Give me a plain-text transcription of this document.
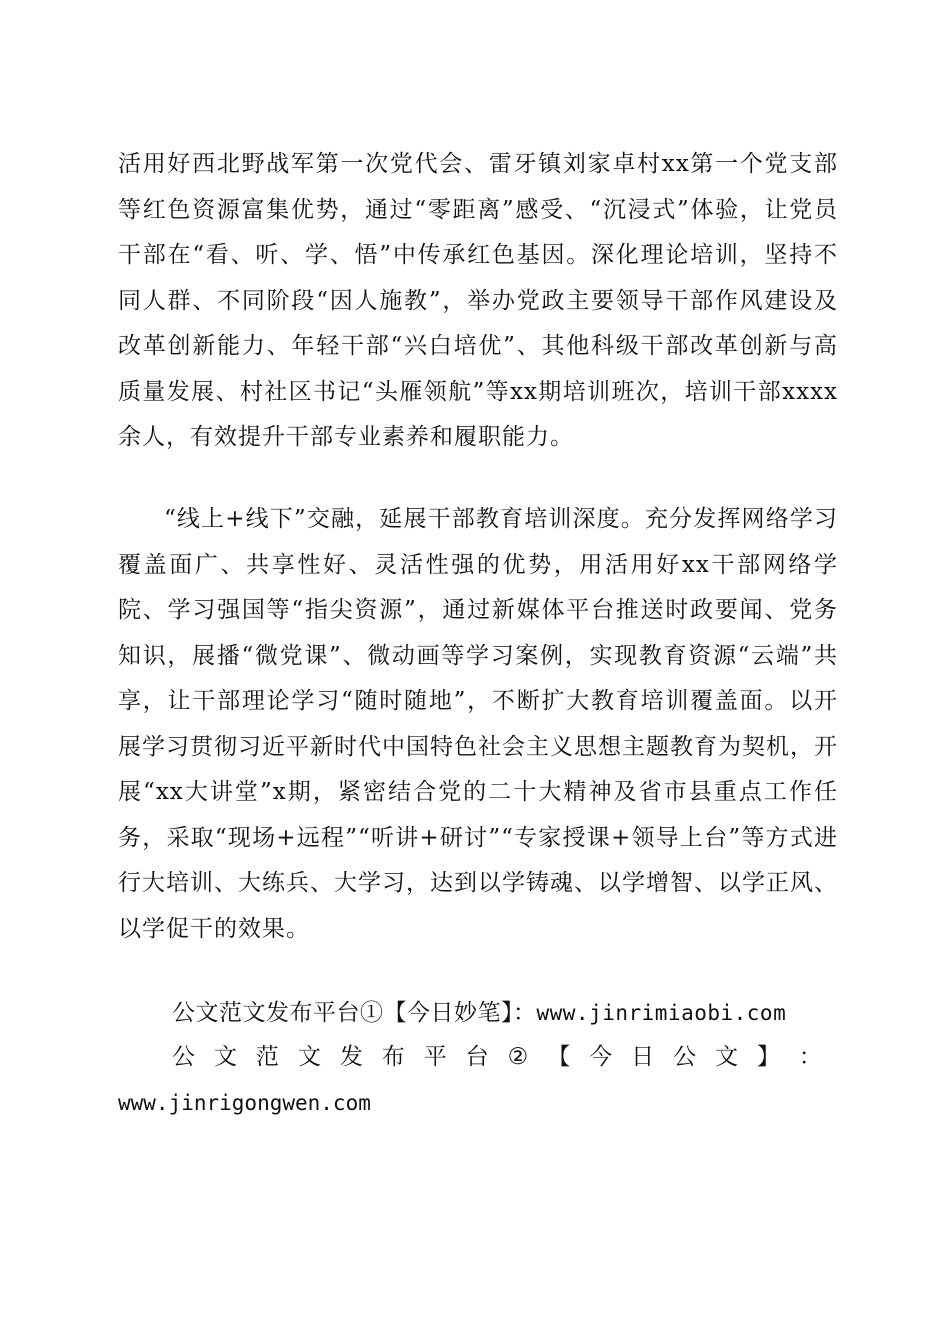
活用好西北野战军第一次党代会、雷牙镇刘家卓村xx第一个党支部等红色资源富集优势，通过“零距离”感受、“沉浸式”体验，让党员干部在“看、听、学、悟”中传承红色基因。深化理论培训，坚持不同人群、不同阶段“因人施教”，举办党政主要领导干部作风建设及改革创新能力、年轻干部“兴白培优”、其他科级干部改革创新与高质量发展、村社区书记“头雁领航”等xx期培训班次，培训干部xxxx余人，有效提升干部专业素养和履职能力。

“线上+线下”交融，延展干部教育培训深度。充分发挥网络学习覆盖面广、共享性好、灵活性强的优势，用活用好xx干部网络学院、学习强国等“指尖资源”，通过新媒体平台推送时政要闻、党务知识，展播“微党课”、微动画等学习案例，实现教育资源“云端”共享，让干部理论学习“随时随地”，不断扩大教育培训覆盖面。以开展学习贯彻习近平新时代中国特色社会主义思想主题教育为契机，开展“xx大讲堂”x期，紧密结合党的二十大精神及省市县重点工作任务，采取“现场+远程”“听讲+研讨”“专家授课+领导上台”等方式进行大培训、大练兵、大学习，达到以学铸魂、以学增智、以学正风、以学促干的效果。

公文范文发布平台①【今日妙笔】：www.jinrimiaobi.com
公 文 范 文 发 布 平 台 ② 【 今 日 公 文 】 ：
www.jinrigongwen.com
